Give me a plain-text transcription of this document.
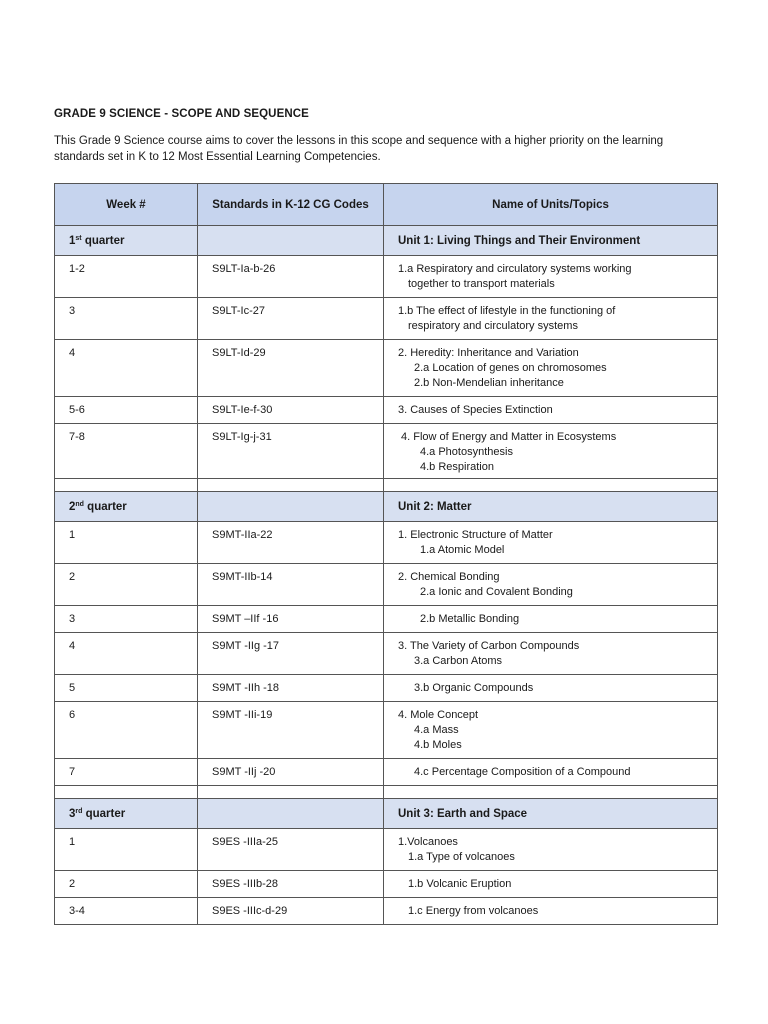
GRADE 9 SCIENCE - SCOPE AND SEQUENCE
This Grade 9 Science course aims to cover the lessons in this scope and sequence with a higher priority on the learning standards set in K to 12 Most Essential Learning Competencies.
Week #	Standards in K-12 CG Codes	Name of Units/Topics
1st quarter		Unit 1: Living Things and Their Environment

1-2	S9LT-Ia-b-26	1.a Respiratory and circulatory systems working
together to transport materials

3	S9LT-Ic-27	1.b The effect of lifestyle in the functioning of
respiratory and circulatory systems

4	S9LT-Id-29	2. Heredity: Inheritance and Variation
2.a Location of genes on chromosomes
2.b Non-Mendelian inheritance

5-6	S9LT-Ie-f-30	3. Causes of Species Extinction

7-8	S9LT-Ig-j-31	4. Flow of Energy and Matter in Ecosystems
4.a Photosynthesis
4.b Respiration

2nd quarter		Unit 2: Matter

1	S9MT-IIa-22	1. Electronic Structure of Matter
1.a Atomic Model

2	S9MT-IIb-14	2. Chemical Bonding
2.a Ionic and Covalent Bonding

3	S9MT –IIf -16	2.b Metallic Bonding

4	S9MT -IIg -17	3. The Variety of Carbon Compounds
3.a Carbon Atoms

5	S9MT -IIh -18	3.b Organic Compounds

6	S9MT -IIi-19	4. Mole Concept
4.a Mass
4.b Moles

7	S9MT -IIj -20	4.c Percentage Composition of a Compound

3rd quarter		Unit 3: Earth and Space

1	S9ES -IIIa-25	1.Volcanoes
1.a Type of volcanoes

2	S9ES -IIIb-28	1.b Volcanic Eruption

3-4	S9ES -IIIc-d-29	1.c Energy from volcanoes
